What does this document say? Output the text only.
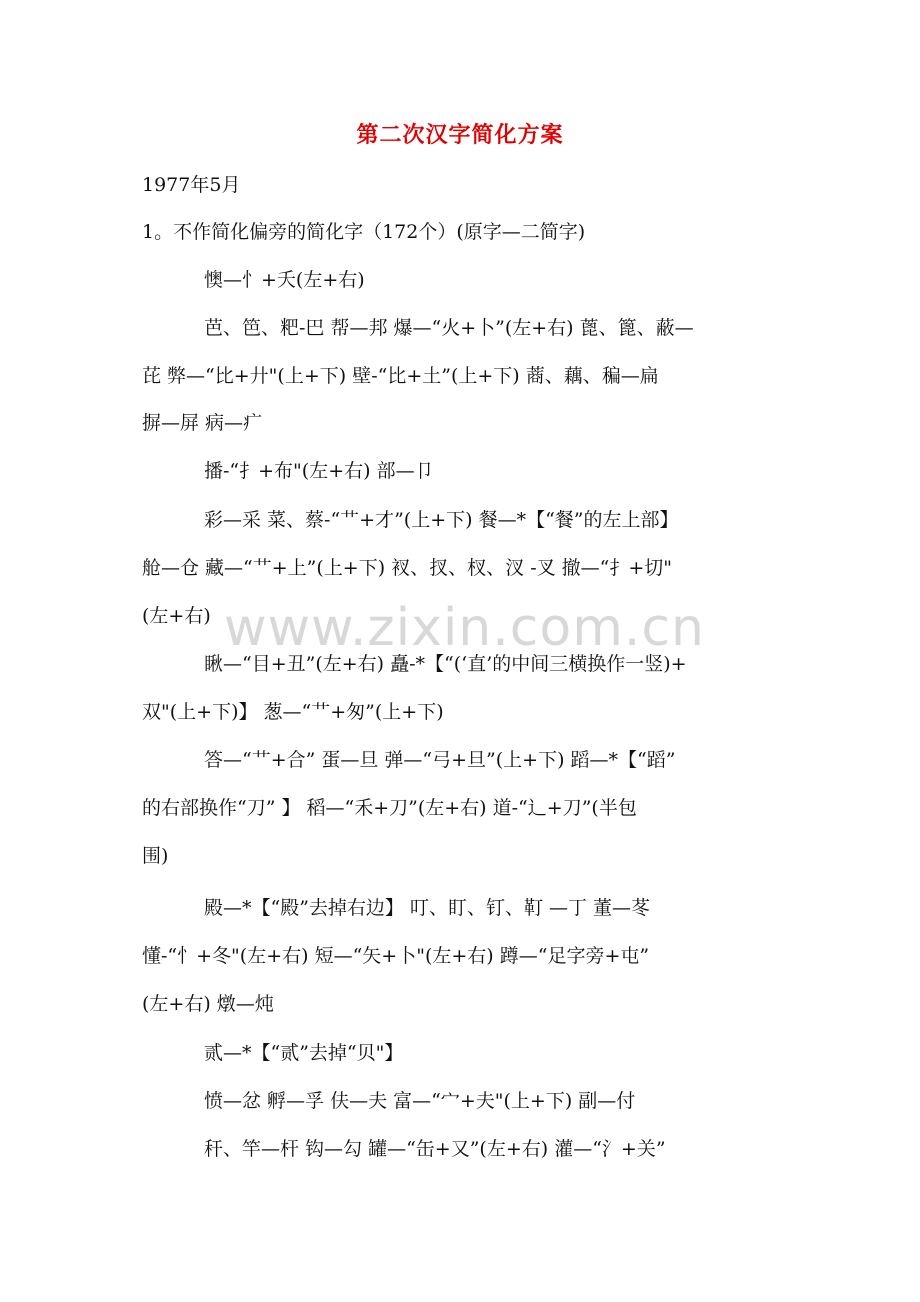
第二次汉字简化方案
1977年5月
1。不作简化偏旁的简化字（172个）(原字—二简字)
懊—忄+夭(左+右)
芭、笆、粑-巴 帮—邦 爆—“火+卜”(左+右) 蓖、篦、蔽—
芘 弊—“比+廾"(上+下) 壁-“比+土”(上+下) 蔏、藕、稨—扁
摒—屏 病—疒
播-“扌+布"(左+右) 部—卩
彩—采 菜、蔡-“艹+才”(上+下) 餐—*【“餐”的左上部】
舱—仓 藏—“艹+上”(上+下) 衩、扠、杈、汊 -叉 撤—“扌+切"
(左+右)
瞅—“目+丑”(左+右) 矗-*【“(‘直’的中间三横换作一竖)+
双"(上+下)】 葱—“艹+匆”(上+下)
答—“艹+合” 蛋—旦 弹—“弓+旦”(上+下) 蹈—*【“蹈”
的右部换作“刀” 】 稻—“禾+刀”(左+右) 道-“辶+刀”(半包
围)
殿—*【“殿”去掉右边】 叮、盯、钉、靪 —丁 董—苳
懂-“忄+冬"(左+右) 短—“矢+卜"(左+右) 蹲—“足字旁+屯”
(左+右) 燉—炖
贰—*【“贰”去掉“贝"】
愤—忿 孵—孚 伕—夫 富—“宀+夫"(上+下) 副—付
秆、竿—杆 钩—勾 罐—“缶+又”(左+右) 灌—“氵+关”
www.zixin.com.cn
